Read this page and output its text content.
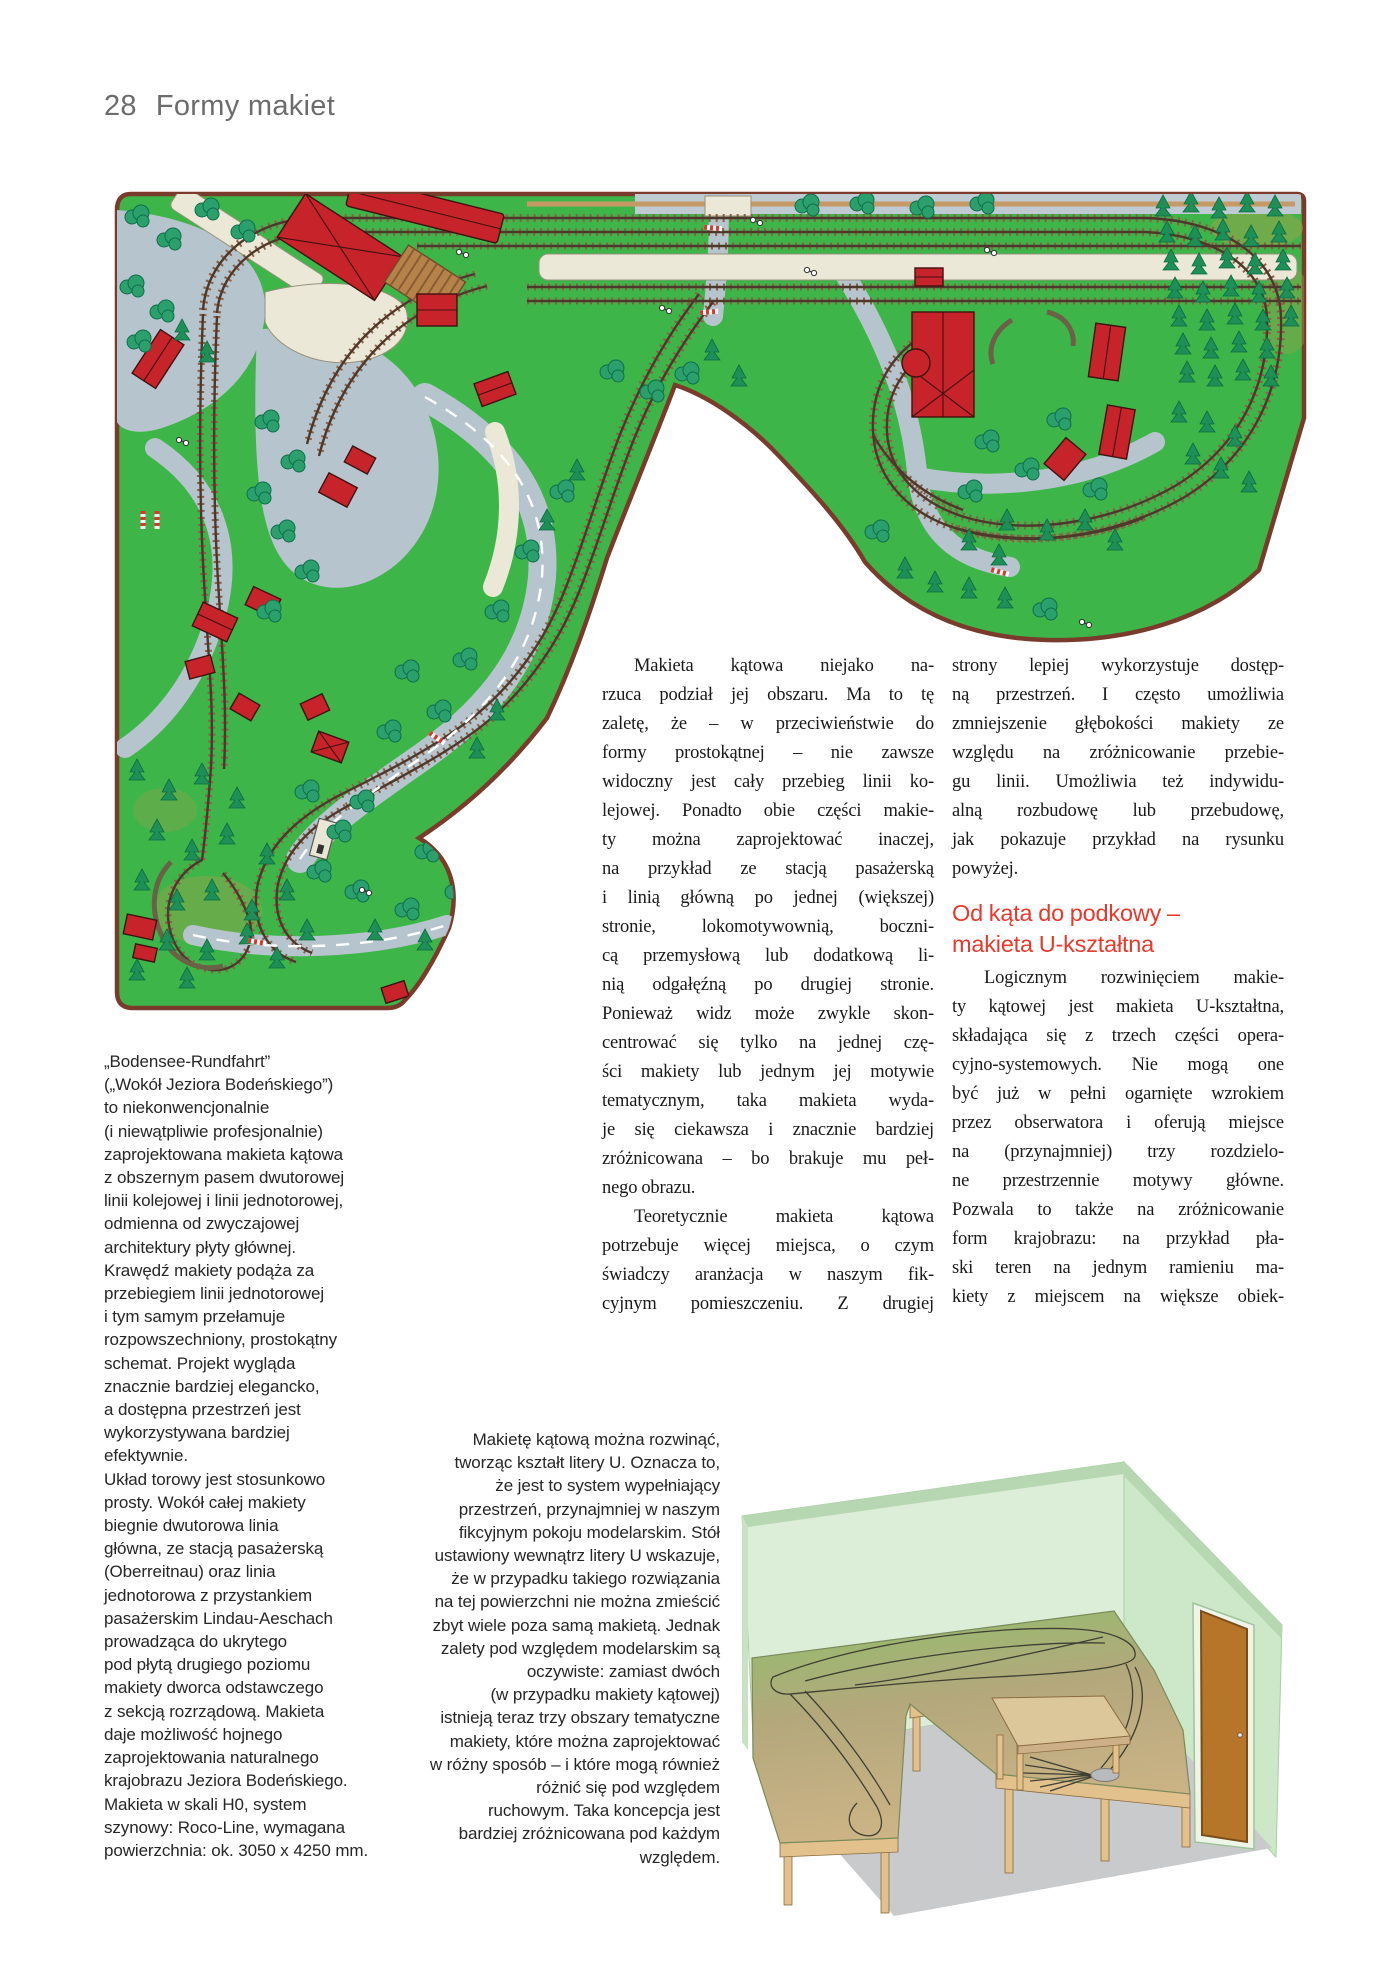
28 Formy makiet
„Bodensee-Rundfahrt”
(„Wokół Jeziora Bodeńskiego”)
to niekonwencjonalnie
(i niewątpliwie profesjonalnie)
zaprojektowana makieta kątowa
z obszernym pasem dwutorowej
linii kolejowej i linii jednotorowej,
odmienna od zwyczajowej
architektury płyty głównej.
Krawędź makiety podąża za
przebiegiem linii jednotorowej
i tym samym przełamuje
rozpowszechniony, prostokątny
schemat. Projekt wygląda
znacznie bardziej elegancko,
a dostępna przestrzeń jest
wykorzystywana bardziej
efektywnie.
Układ torowy jest stosunkowo
prosty. Wokół całej makiety
biegnie dwutorowa linia
główna, ze stacją pasażerską
(Oberreitnau) oraz linia
jednotorowa z przystankiem
pasażerskim Lindau-Aeschach
prowadząca do ukrytego
pod płytą drugiego poziomu
makiety dworca odstawczego
z sekcją rozrządową. Makieta
daje możliwość hojnego
zaprojektowania naturalnego
krajobrazu Jeziora Bodeńskiego.
Makieta w skali H0, system
szynowy: Roco-Line, wymagana
powierzchnia: ok. 3050 x 4250 mm.
Makieta kątowa niejako na-
rzuca podział jej obszaru. Ma to tę
zaletę, że – w przeciwieństwie do
formy prostokątnej – nie zawsze
widoczny jest cały przebieg linii ko-
lejowej. Ponadto obie części makie-
ty można zaprojektować inaczej,
na przykład ze stacją pasażerską
i linią główną po jednej (większej)
stronie, lokomotywownią, boczni-
cą przemysłową lub dodatkową li-
nią odgałęźną po drugiej stronie.
Ponieważ widz może zwykle skon-
centrować się tylko na jednej czę-
ści makiety lub jednym jej motywie
tematycznym, taka makieta wyda-
je się ciekawsza i znacznie bardziej
zróżnicowana – bo brakuje mu peł-
nego obrazu.
Teoretycznie makieta kątowa
potrzebuje więcej miejsca, o czym
świadczy aranżacja w naszym fik-
cyjnym pomieszczeniu. Z drugiej
strony lepiej wykorzystuje dostęp-
ną przestrzeń. I często umożliwia
zmniejszenie głębokości makiety ze
względu na zróżnicowanie przebie-
gu linii. Umożliwia też indywidu-
alną rozbudowę lub przebudowę,
jak pokazuje przykład na rysunku
powyżej.
Od kąta do podkowy –
makieta U-kształtna
Logicznym rozwinięciem makie-
ty kątowej jest makieta U-kształtna,
składająca się z trzech części opera-
cyjno-systemowych. Nie mogą one
być już w pełni ogarnięte wzrokiem
przez obserwatora i oferują miejsce
na (przynajmniej) trzy rozdzielo-
ne przestrzennie motywy główne.
Pozwala to także na zróżnicowanie
form krajobrazu: na przykład pła-
ski teren na jednym ramieniu ma-
kiety z miejscem na większe obiek-
Makietę kątową można rozwinąć,
tworząc kształt litery U. Oznacza to,
że jest to system wypełniający
przestrzeń, przynajmniej w naszym
fikcyjnym pokoju modelarskim. Stół
ustawiony wewnątrz litery U wskazuje,
że w przypadku takiego rozwiązania
na tej powierzchni nie można zmieścić
zbyt wiele poza samą makietą. Jednak
zalety pod względem modelarskim są
oczywiste: zamiast dwóch
(w przypadku makiety kątowej)
istnieją teraz trzy obszary tematyczne
makiety, które można zaprojektować
w różny sposób – i które mogą również
różnić się pod względem
ruchowym. Taka koncepcja jest
bardziej zróżnicowana pod każdym
względem.
